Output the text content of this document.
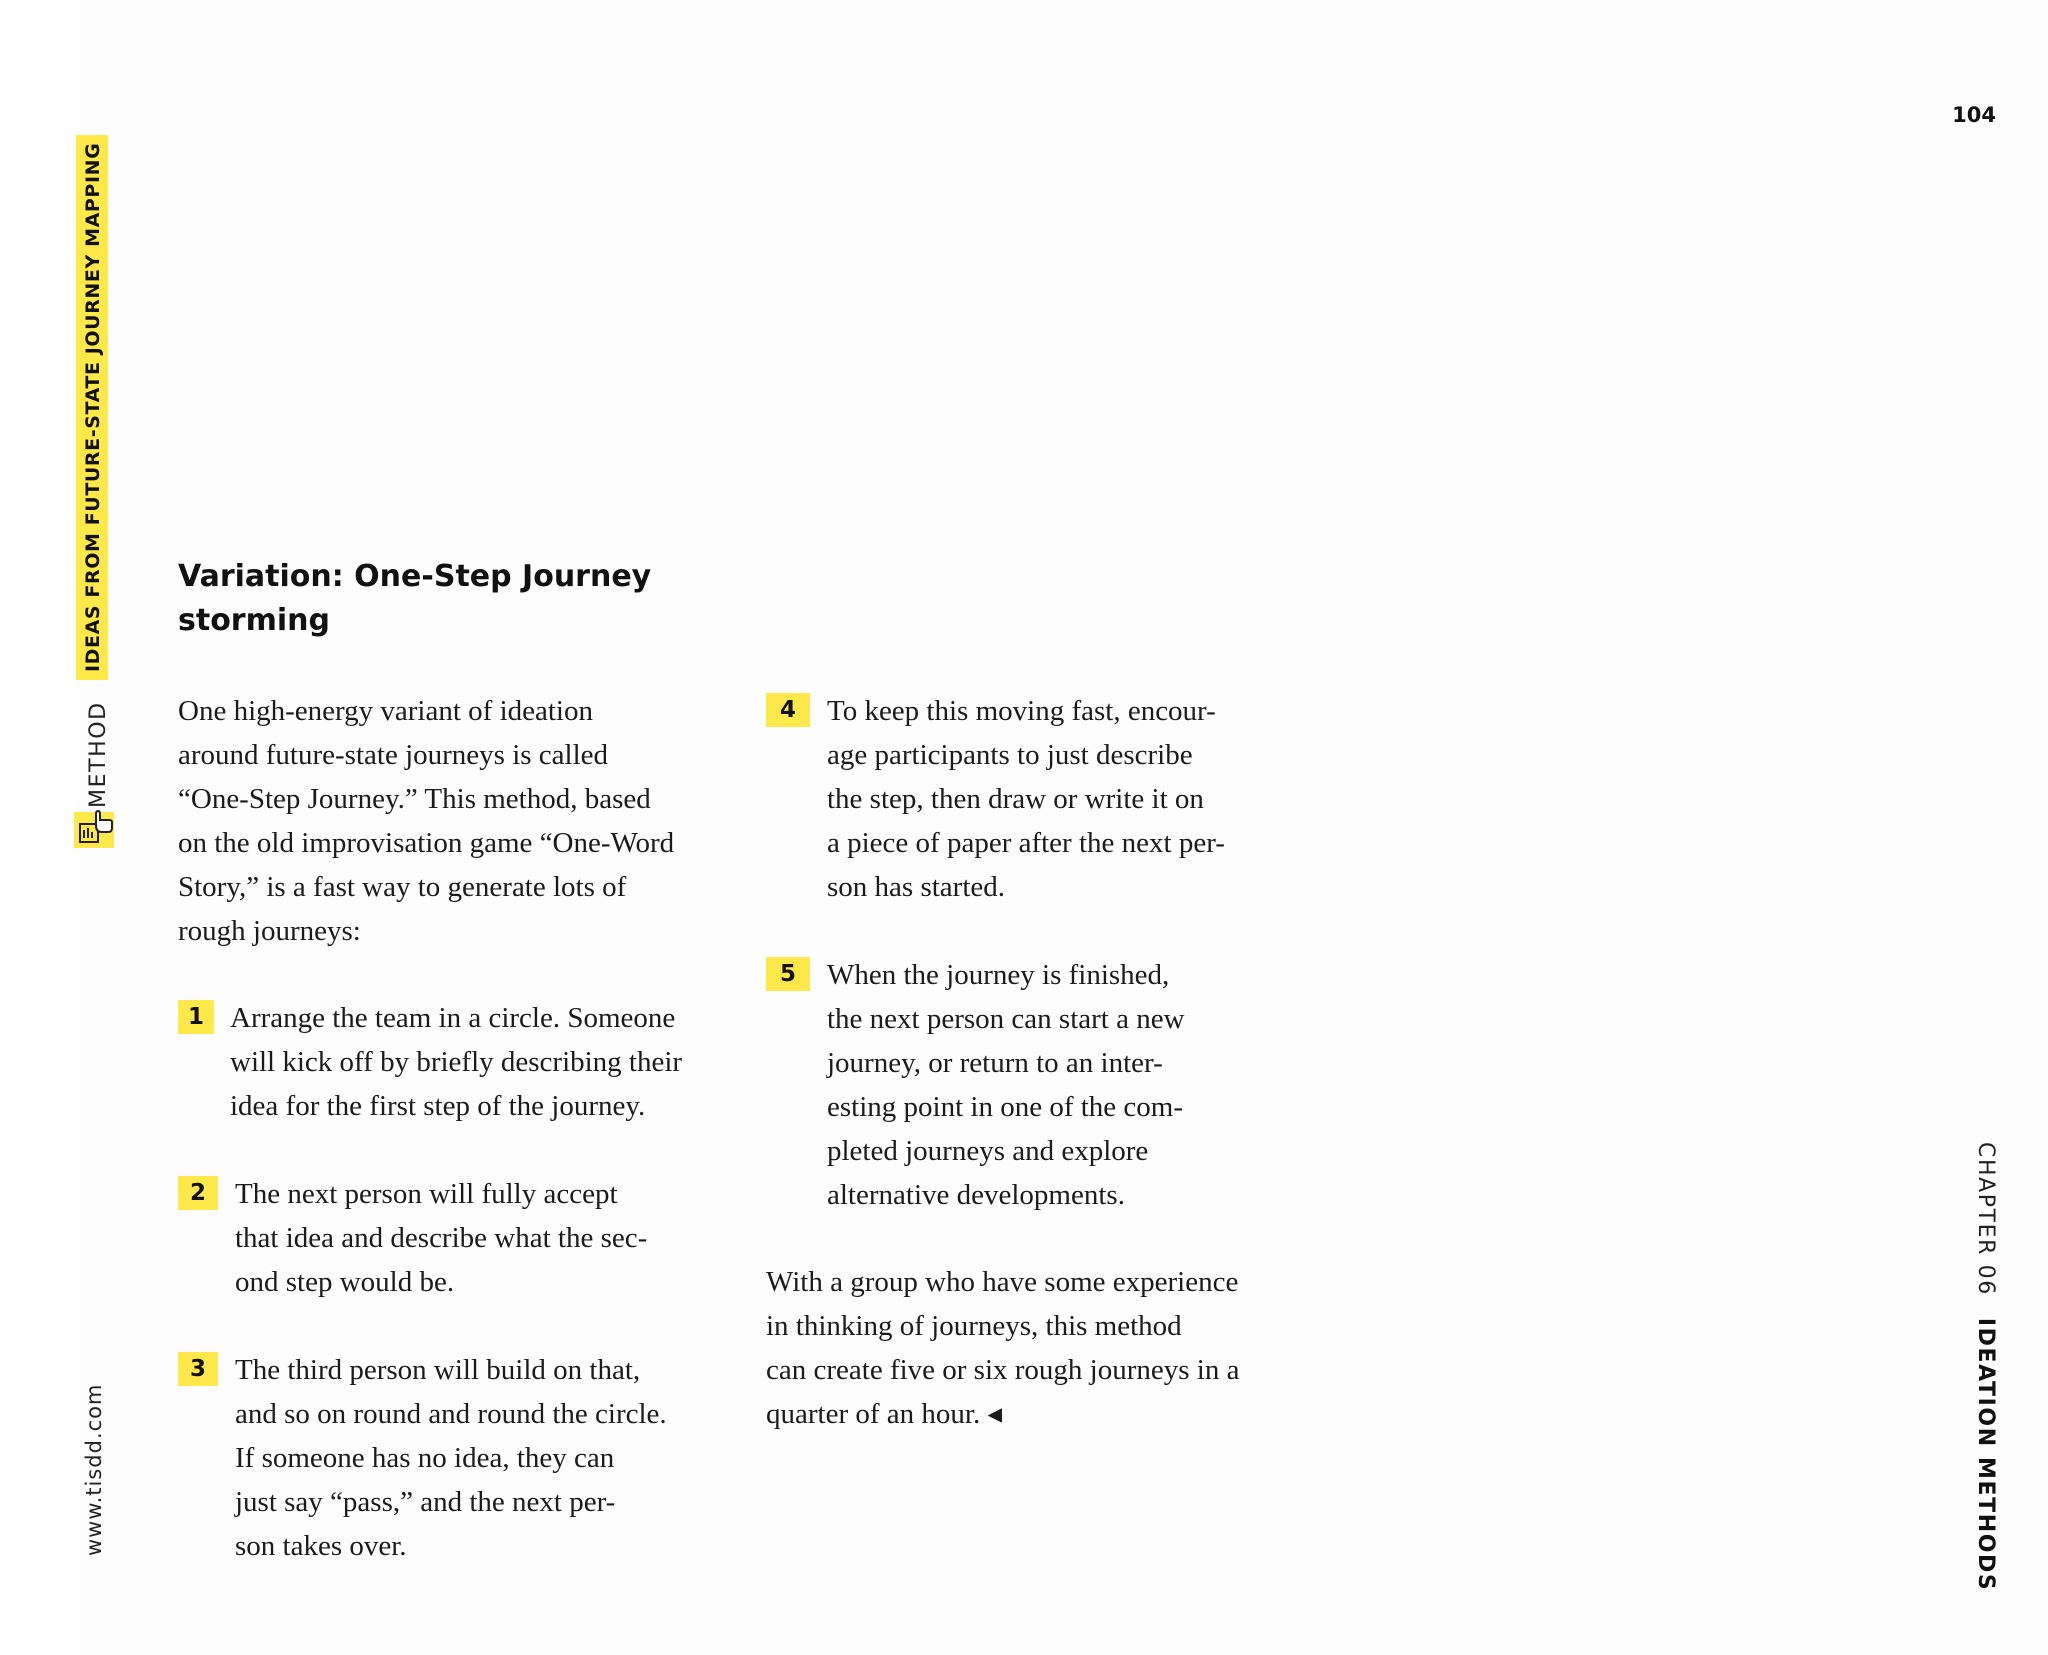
IDEAS FROM FUTURE-STATE JOURNEY MAPPING
METHOD
www.tisdd.com
104
CHAPTER 06IDEATION METHODS
Variation: One-Step Journey
storming

One high-energy variant of ideation
around future-state journeys is called
“One-Step Journey.” This method, based
on the old improvisation game “One-Word
Story,” is a fast way to generate lots of
rough journeys:

1 Arrange the team in a circle. Someone
will kick off by briefly describing their
idea for the first step of the journey.
2	The next person will fully accept
that idea and describe what the sec-
ond step would be.
3	The third person will build on that,
and so on round and round the circle.
If someone has no idea, they can
just say “pass,” and the next per-
son takes over.
4	To keep this moving fast, encour-
age participants to just describe
the step, then draw or write it on
a piece of paper after the next per-
son has started.
5	When the journey is finished,
the next person can start a new
journey, or return to an inter-
esting point in one of the com-
pleted journeys and explore
alternative developments.

With a group who have some experience
in thinking of journeys, this method
can create five or six rough journeys in a
quarter of an hour. ◂
